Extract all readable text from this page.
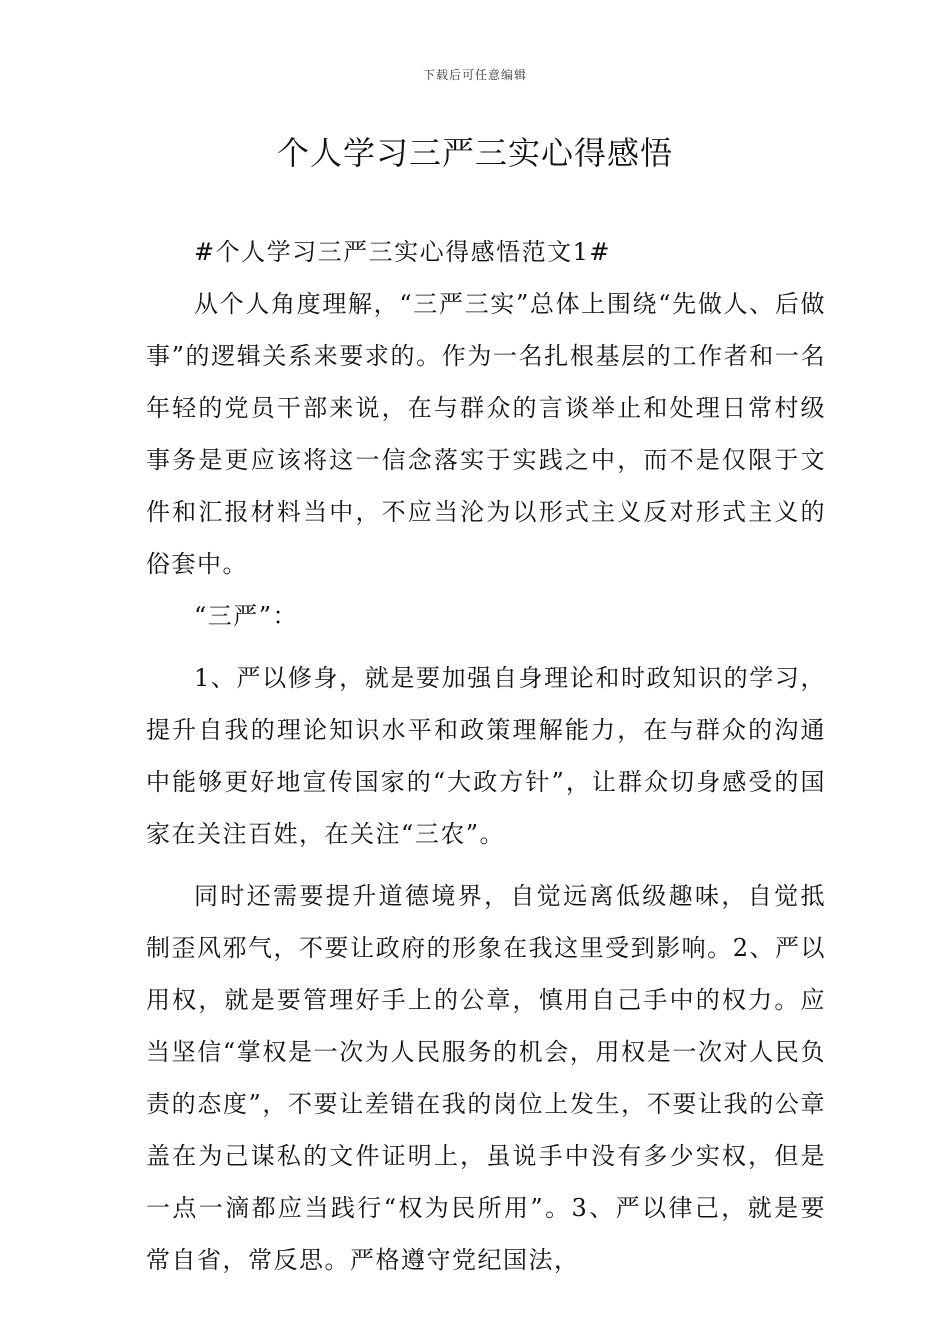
下载后可任意编辑
个人学习三严三实心得感悟

#个人学习三严三实心得感悟范文1#

从个人角度理解，“三严三实”总体上围绕“先做人、后做事”的逻辑关系来要求的。作为一名扎根基层的工作者和一名年轻的党员干部来说，在与群众的言谈举止和处理日常村级事务是更应该将这一信念落实于实践之中，而不是仅限于文件和汇报材料当中，不应当沦为以形式主义反对形式主义的俗套中。

“三严”：

1、严以修身，就是要加强自身理论和时政知识的学习，提升自我的理论知识水平和政策理解能力，在与群众的沟通中能够更好地宣传国家的“大政方针”，让群众切身感受的国家在关注百姓，在关注“三农”。

同时还需要提升道德境界，自觉远离低级趣味，自觉抵制歪风邪气，不要让政府的形象在我这里受到影响。2、严以用权，就是要管理好手上的公章，慎用自己手中的权力。应当坚信“掌权是一次为人民服务的机会，用权是一次对人民负责的态度”，不要让差错在我的岗位上发生，不要让我的公章盖在为己谋私的文件证明上，虽说手中没有多少实权，但是一点一滴都应当践行“权为民所用”。3、严以律己，就是要常自省，常反思。严格遵守党纪国法，
